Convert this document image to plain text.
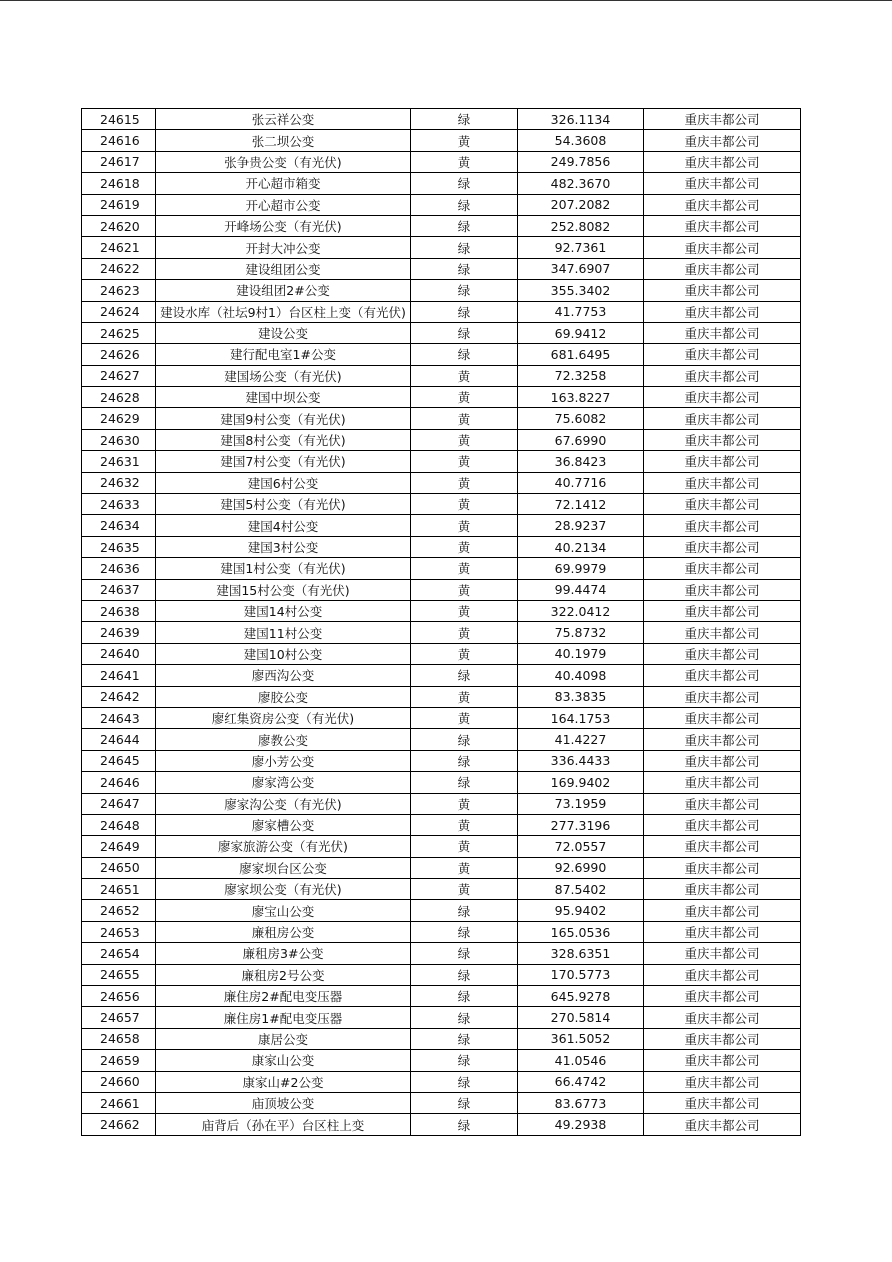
24615	张云祥公变	绿	326.1134	重庆丰都公司

24616	张二坝公变	黄	54.3608	重庆丰都公司

24617	张争贵公变（有光伏)	黄	249.7856	重庆丰都公司

24618	开心超市箱变	绿	482.3670	重庆丰都公司

24619	开心超市公变	绿	207.2082	重庆丰都公司

24620	开峰场公变（有光伏)	绿	252.8082	重庆丰都公司

24621	开封大冲公变	绿	92.7361	重庆丰都公司

24622	建设组团公变	绿	347.6907	重庆丰都公司

24623	建设组团2#公变	绿	355.3402	重庆丰都公司

24624	建设水库（社坛9村1）台区柱上变（有光伏)	绿	41.7753	重庆丰都公司

24625	建设公变	绿	69.9412	重庆丰都公司

24626	建行配电室1#公变	绿	681.6495	重庆丰都公司

24627	建国场公变（有光伏)	黄	72.3258	重庆丰都公司

24628	建国中坝公变	黄	163.8227	重庆丰都公司

24629	建国9村公变（有光伏)	黄	75.6082	重庆丰都公司

24630	建国8村公变（有光伏)	黄	67.6990	重庆丰都公司

24631	建国7村公变（有光伏)	黄	36.8423	重庆丰都公司

24632	建国6村公变	黄	40.7716	重庆丰都公司

24633	建国5村公变（有光伏)	黄	72.1412	重庆丰都公司

24634	建国4村公变	黄	28.9237	重庆丰都公司

24635	建国3村公变	黄	40.2134	重庆丰都公司

24636	建国1村公变（有光伏)	黄	69.9979	重庆丰都公司

24637	建国15村公变（有光伏)	黄	99.4474	重庆丰都公司

24638	建国14村公变	黄	322.0412	重庆丰都公司

24639	建国11村公变	黄	75.8732	重庆丰都公司

24640	建国10村公变	黄	40.1979	重庆丰都公司

24641	廖西沟公变	绿	40.4098	重庆丰都公司

24642	廖胶公变	黄	83.3835	重庆丰都公司

24643	廖红集资房公变（有光伏)	黄	164.1753	重庆丰都公司

24644	廖教公变	绿	41.4227	重庆丰都公司

24645	廖小芳公变	绿	336.4433	重庆丰都公司

24646	廖家湾公变	绿	169.9402	重庆丰都公司

24647	廖家沟公变（有光伏)	黄	73.1959	重庆丰都公司

24648	廖家槽公变	黄	277.3196	重庆丰都公司

24649	廖家旅游公变（有光伏)	黄	72.0557	重庆丰都公司

24650	廖家坝台区公变	黄	92.6990	重庆丰都公司

24651	廖家坝公变（有光伏)	黄	87.5402	重庆丰都公司

24652	廖宝山公变	绿	95.9402	重庆丰都公司

24653	廉租房公变	绿	165.0536	重庆丰都公司

24654	廉租房3#公变	绿	328.6351	重庆丰都公司

24655	廉租房2号公变	绿	170.5773	重庆丰都公司

24656	廉住房2#配电变压器	绿	645.9278	重庆丰都公司

24657	廉住房1#配电变压器	绿	270.5814	重庆丰都公司

24658	康居公变	绿	361.5052	重庆丰都公司

24659	康家山公变	绿	41.0546	重庆丰都公司

24660	康家山#2公变	绿	66.4742	重庆丰都公司

24661	庙顶坡公变	绿	83.6773	重庆丰都公司

24662	庙背后（孙在平）台区柱上变	绿	49.2938	重庆丰都公司
